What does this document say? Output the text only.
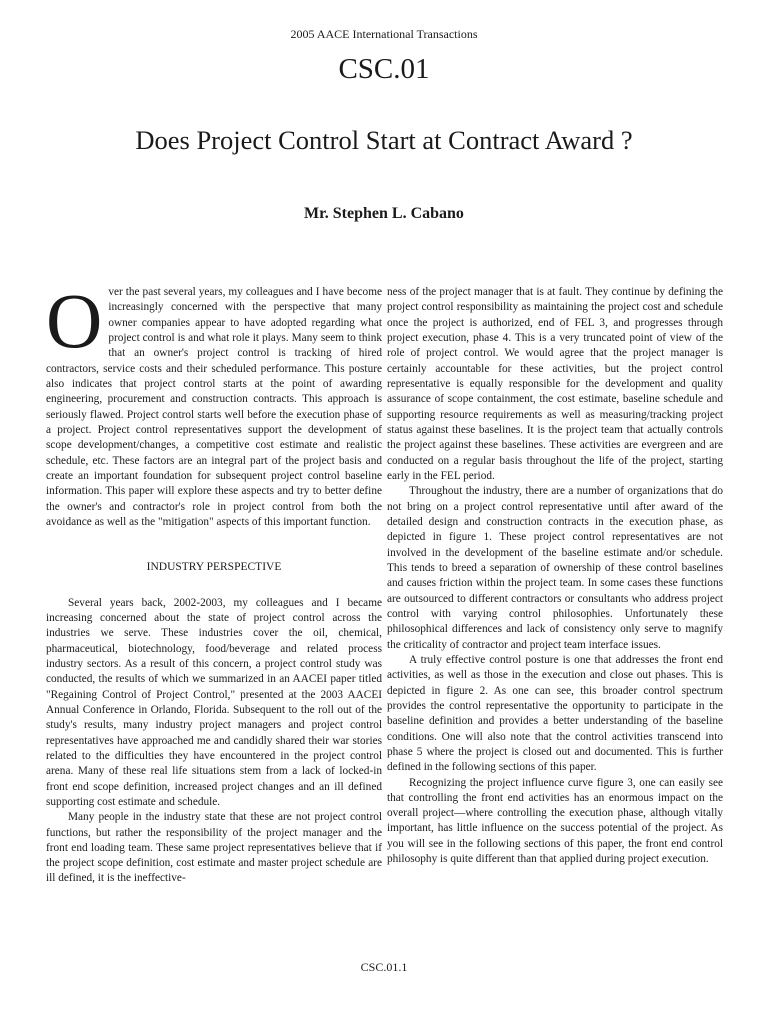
2005 AACE International Transactions
CSC.01
Does Project Control Start at Contract Award ?
Mr. Stephen L. Cabano

Over the past several years, my colleagues and I have become increasingly concerned with the perspective that many owner companies appear to have adopted regarding what project control is and what role it plays. Many seem to think that an owner's project control is tracking of hired contractors, service costs and their scheduled performance. This posture also indicates that project control starts at the point of awarding engineering, procurement and construction contracts. This approach is seriously flawed. Project control starts well before the execution phase of a project. Project control representatives support the development of scope development/changes, a competitive cost estimate and realistic schedule, etc. These factors are an integral part of the project basis and create an important foundation for subsequent project control baseline information. This paper will explore these aspects and try to better define the owner's and contractor's role in project control from both the avoidance as well as the "mitigation" aspects of this important function.

INDUSTRY PERSPECTIVE

Several years back, 2002-2003, my colleagues and I became increasing concerned about the state of project control across the industries we serve. These industries cover the oil, chemical, pharmaceutical, biotechnology, food/beverage and related process industry sectors. As a result of this concern, a project control study was conducted, the results of which we summarized in an AACEI paper titled "Regaining Control of Project Control," presented at the 2003 AACEI Annual Conference in Orlando, Florida. Subsequent to the roll out of the study's results, many industry project managers and project control representatives have approached me and candidly shared their war stories related to the difficulties they have encountered in the project control arena. Many of these real life situations stem from a lack of locked-in front end scope definition, increased project changes and an ill defined supporting cost estimate and schedule.

Many people in the industry state that these are not project control functions, but rather the responsibility of the project manager and the front end loading team. These same project representatives believe that if the project scope definition, cost estimate and master project schedule are ill defined, it is the ineffective-

ness of the project manager that is at fault. They continue by defining the project control responsibility as maintaining the project cost and schedule once the project is authorized, end of FEL 3, and progresses through project execution, phase 4. This is a very truncated point of view of the role of project control. We would agree that the project manager is certainly accountable for these activities, but the project control representative is equally responsible for the development and quality assurance of scope containment, the cost estimate, baseline schedule and supporting resource requirements as well as measuring/tracking project status against these baselines. It is the project team that actually controls the project against these baselines. These activities are evergreen and are conducted on a regular basis throughout the life of the project, starting early in the FEL period.

Throughout the industry, there are a number of organizations that do not bring on a project control representative until after award of the detailed design and construction contracts in the execution phase, as depicted in figure 1. These project control representatives are not involved in the development of the baseline estimate and/or schedule. This tends to breed a separation of ownership of these control baselines and causes friction within the project team. In some cases these functions are outsourced to different contractors or consultants who address project control with varying control philosophies. Unfortunately these philosophical differences and lack of consistency only serve to magnify the criticality of contractor and project team interface issues.

A truly effective control posture is one that addresses the front end activities, as well as those in the execution and close out phases. This is depicted in figure 2. As one can see, this broader control spectrum provides the control representative the opportunity to participate in the baseline definition and provides a better understanding of the baseline conditions. One will also note that the control activities transcend into phase 5 where the project is closed out and documented. This is further defined in the following sections of this paper.

Recognizing the project influence curve figure 3, one can easily see that controlling the front end activities has an enormous impact on the overall project—where controlling the execution phase, although vitally important, has little influence on the success potential of the project. As you will see in the following sections of this paper, the front end control philosophy is quite different than that applied during project execution.

CSC.01.1
